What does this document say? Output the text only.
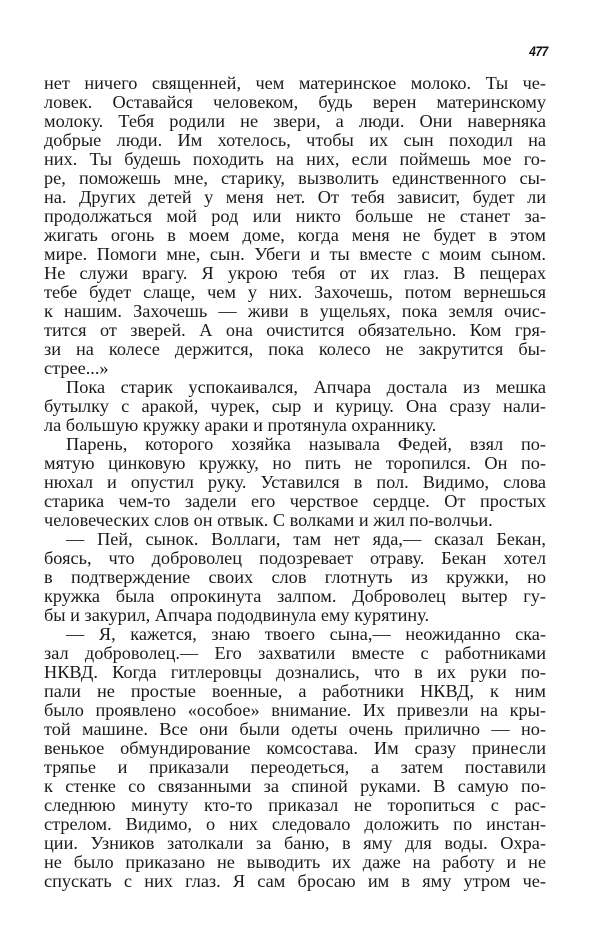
477
нет ничего священней, чем материнское молоко. Ты че-
ловек. Оставайся человеком, будь верен материнскому
молоку. Тебя родили не звери, а люди. Они наверняка
добрые люди. Им хотелось, чтобы их сын походил на
них. Ты будешь походить на них, если поймешь мое го-
ре, поможешь мне, старику, вызволить единственного сы-
на. Других детей у меня нет. От тебя зависит, будет ли
продолжаться мой род или никто больше не станет за-
жигать огонь в моем доме, когда меня не будет в этом
мире. Помоги мне, сын. Убеги и ты вместе с моим сыном.
Не служи врагу. Я укрою тебя от их глаз. В пещерах
тебе будет слаще, чем у них. Захочешь, потом вернешься
к нашим. Захочешь — живи в ущельях, пока земля очис-
тится от зверей. А она очистится обязательно. Ком гря-
зи на колесе держится, пока колесо не закрутится бы-
стрее...»
Пока старик успокаивался, Апчара достала из мешка
бутылку с аракой, чурек, сыр и курицу. Она сразу нали-
ла большую кружку араки и протянула охраннику.
Парень, которого хозяйка называла Федей, взял по-
мятую цинковую кружку, но пить не торопился. Он по-
нюхал и опустил руку. Уставился в пол. Видимо, слова
старика чем-то задели его черствое сердце. От простых
человеческих слов он отвык. С волками и жил по-волчьи.
— Пей, сынок. Воллаги, там нет яда,— сказал Бекан,
боясь, что доброволец подозревает отраву. Бекан хотел
в подтверждение своих слов глотнуть из кружки, но
кружка была опрокинута залпом. Доброволец вытер гу-
бы и закурил, Апчара пододвинула ему курятину.
— Я, кажется, знаю твоего сына,— неожиданно ска-
зал доброволец.— Его захватили вместе с работниками
НКВД. Когда гитлеровцы дознались, что в их руки по-
пали не простые военные, а работники НКВД, к ним
было проявлено «особое» внимание. Их привезли на кры-
той машине. Все они были одеты очень прилично — но-
венькое обмундирование комсостава. Им сразу принесли
тряпье и приказали переодеться, а затем поставили
к стенке со связанными за спиной руками. В самую по-
следнюю минуту кто-то приказал не торопиться с рас-
стрелом. Видимо, о них следовало доложить по инстан-
ции. Узников затолкали за баню, в яму для воды. Охра-
не было приказано не выводить их даже на работу и не
спускать с них глаз. Я сам бросаю им в яму утром че-
